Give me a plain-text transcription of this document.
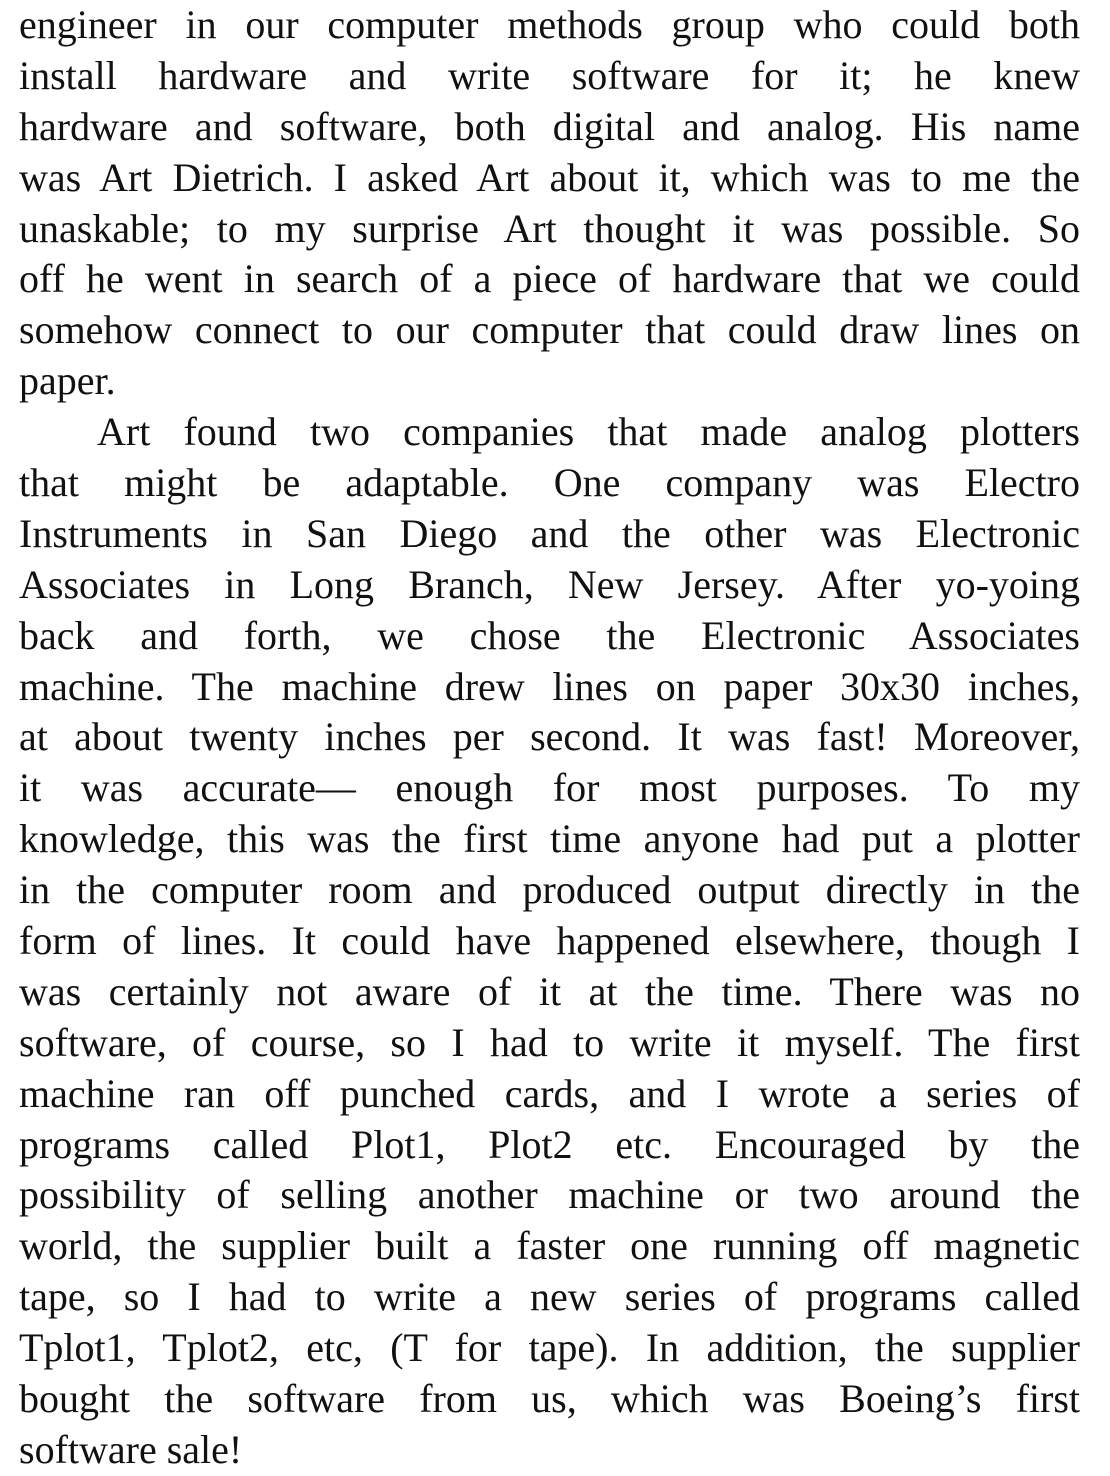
engineer in our computer methods group who could both
install hardware and write software for it; he knew
hardware and software, both digital and analog. His name
was Art Dietrich. I asked Art about it, which was to me the
unaskable; to my surprise Art thought it was possible. So
off he went in search of a piece of hardware that we could
somehow connect to our computer that could draw lines on
paper.
Art found two companies that made analog plotters
that might be adaptable. One company was Electro
Instruments in San Diego and the other was Electronic
Associates in Long Branch, New Jersey. After yo-yoing
back and forth, we chose the Electronic Associates
machine. The machine drew lines on paper 30x30 inches,
at about twenty inches per second. It was fast! Moreover,
it was accurate— enough for most purposes. To my
knowledge, this was the first time anyone had put a plotter
in the computer room and produced output directly in the
form of lines. It could have happened elsewhere, though I
was certainly not aware of it at the time. There was no
software, of course, so I had to write it myself. The first
machine ran off punched cards, and I wrote a series of
programs called Plot1, Plot2 etc. Encouraged by the
possibility of selling another machine or two around the
world, the supplier built a faster one running off magnetic
tape, so I had to write a new series of programs called
Tplot1, Tplot2, etc, (T for tape). In addition, the supplier
bought the software from us, which was Boeing’s first
software sale!
